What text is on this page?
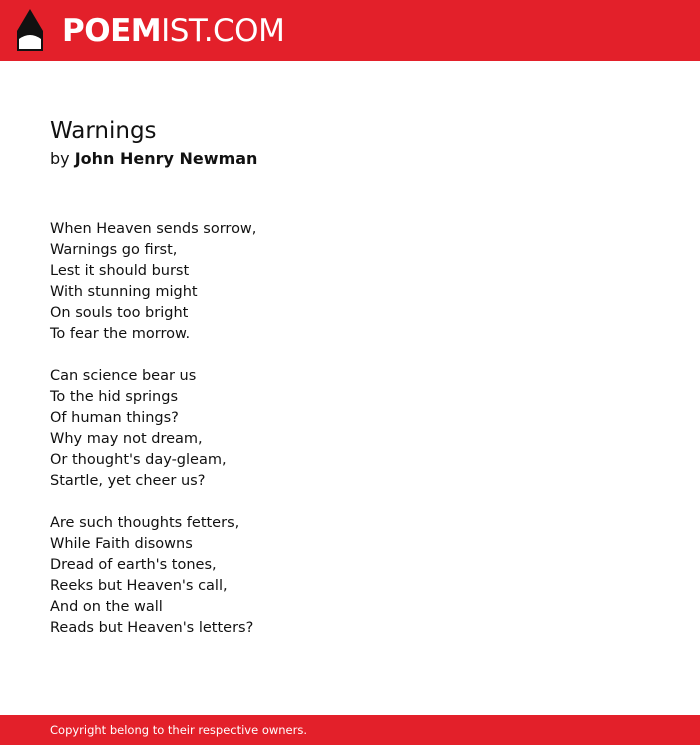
POEMIST.COM
Warnings
by John Henry Newman
When Heaven sends sorrow,
Warnings go first,
Lest it should burst
With stunning might
On souls too bright
To fear the morrow.
Can science bear us
To the hid springs
Of human things?
Why may not dream,
Or thought's day-gleam,
Startle, yet cheer us?
Are such thoughts fetters,
While Faith disowns
Dread of earth's tones,
Reeks but Heaven's call,
And on the wall
Reads but Heaven's letters?
Copyright belong to their respective owners.
